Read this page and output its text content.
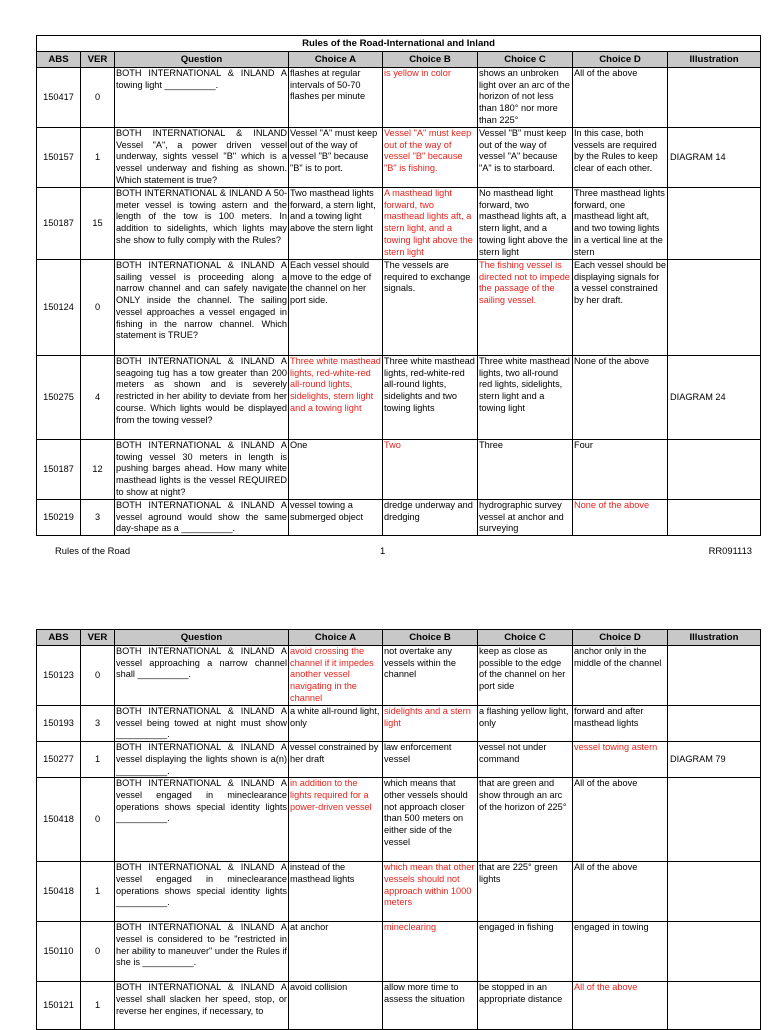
Rules of the Road-International and Inland							
ABS	VER	Question	Choice A	Choice B	Choice C	Choice D	Illustration
150417	0	BOTH INTERNATIONAL & INLAND A towing light __________.	flashes at regular intervals of 50-70 flashes per minute	is yellow in color	shows an unbroken light over an arc of the horizon of not less than 180° nor more than 225°	All of the above	
150157	1	BOTH INTERNATIONAL & INLAND Vessel "A", a power driven vessel underway, sights vessel "B" which is a vessel underway and fishing as shown. Which statement is true?	Vessel "A" must keep out of the way of vessel "B" because "B" is to port.	Vessel "A" must keep out of the way of vessel "B" because "B" is fishing.	Vessel "B" must keep out of the way of vessel "A" because "A" is to starboard.	In this case, both vessels are required by the Rules to keep clear of each other.	DIAGRAM 14
150187	15	BOTH INTERNATIONAL & INLAND A 50-meter vessel is towing astern and the length of the tow is 100 meters. In addition to sidelights, which lights may she show to fully comply with the Rules?	Two masthead lights forward, a stern light, and a towing light above the stern light	A masthead light forward, two masthead lights aft, a stern light, and a towing light above the stern light	No masthead light forward, two masthead lights aft, a stern light, and a towing light above the stern light	Three masthead lights forward, one masthead light aft, and two towing lights in a vertical line at the stern	
150124	0	BOTH INTERNATIONAL & INLAND A sailing vessel is proceeding along a narrow channel and can safely navigate ONLY inside the channel. The sailing vessel approaches a vessel engaged in fishing in the narrow channel. Which statement is TRUE?	Each vessel should move to the edge of the channel on her port side.	The vessels are required to exchange signals.	The fishing vessel is directed not to impede the passage of the sailing vessel.	Each vessel should be displaying signals for a vessel constrained by her draft.	
150275	4	BOTH INTERNATIONAL & INLAND A seagoing tug has a tow greater than 200 meters as shown and is severely restricted in her ability to deviate from her course. Which lights would be displayed from the towing vessel?	Three white masthead lights, red-white-red all-round lights, sidelights, stern light and a towing light	Three white masthead lights, red-white-red all-round lights, sidelights and two towing lights	Three white masthead lights, two all-round red lights, sidelights, stern light and a towing light	None of the above	DIAGRAM 24
150187	12	BOTH INTERNATIONAL & INLAND A towing vessel 30 meters in length is pushing barges ahead. How many white masthead lights is the vessel REQUIRED to show at night?	One	Two	Three	Four	
150219	3	BOTH INTERNATIONAL & INLAND A vessel aground would show the same day-shape as a __________.	vessel towing a submerged object	dredge underway and dredging	hydrographic survey vessel at anchor and surveying	None of the above	
Rules of the Road	1	RR091113
ABS	VER	Question	Choice A	Choice B	Choice C	Choice D	Illustration
150123	0	BOTH INTERNATIONAL & INLAND A vessel approaching a narrow channel shall __________.	avoid crossing the channel if it impedes another vessel navigating in the channel	not overtake any vessels within the channel	keep as close as possible to the edge of the channel on her port side	anchor only in the middle of the channel	
150193	3	BOTH INTERNATIONAL & INLAND A vessel being towed at night must show __________.	a white all-round light, only	sidelights and a stern light	a flashing yellow light, only	forward and after masthead lights	
150277	1	BOTH INTERNATIONAL & INLAND A vessel displaying the lights shown is a(n) __________.	vessel constrained by her draft	law enforcement vessel	vessel not under command	vessel towing astern	DIAGRAM 79
150418	0	BOTH INTERNATIONAL & INLAND A vessel engaged in mineclearance operations shows special identity lights __________.	in addition to the lights required for a power-driven vessel	which means that other vessels should not approach closer than 500 meters on either side of the vessel	that are green and show through an arc of the horizon of 225°	All of the above	
150418	1	BOTH INTERNATIONAL & INLAND A vessel engaged in mineclearance operations shows special identity lights __________.	instead of the masthead lights	which mean that other vessels should not approach within 1000 meters	that are 225° green lights	All of the above	
150110	0	BOTH INTERNATIONAL & INLAND A vessel is considered to be "restricted in her ability to maneuver" under the Rules if she is __________.	at anchor	mineclearing	engaged in fishing	engaged in towing	
150121	1	BOTH INTERNATIONAL & INLAND A vessel shall slacken her speed, stop, or reverse her engines, if necessary, to	avoid collision	allow more time to assess the situation	be stopped in an appropriate distance	All of the above	
